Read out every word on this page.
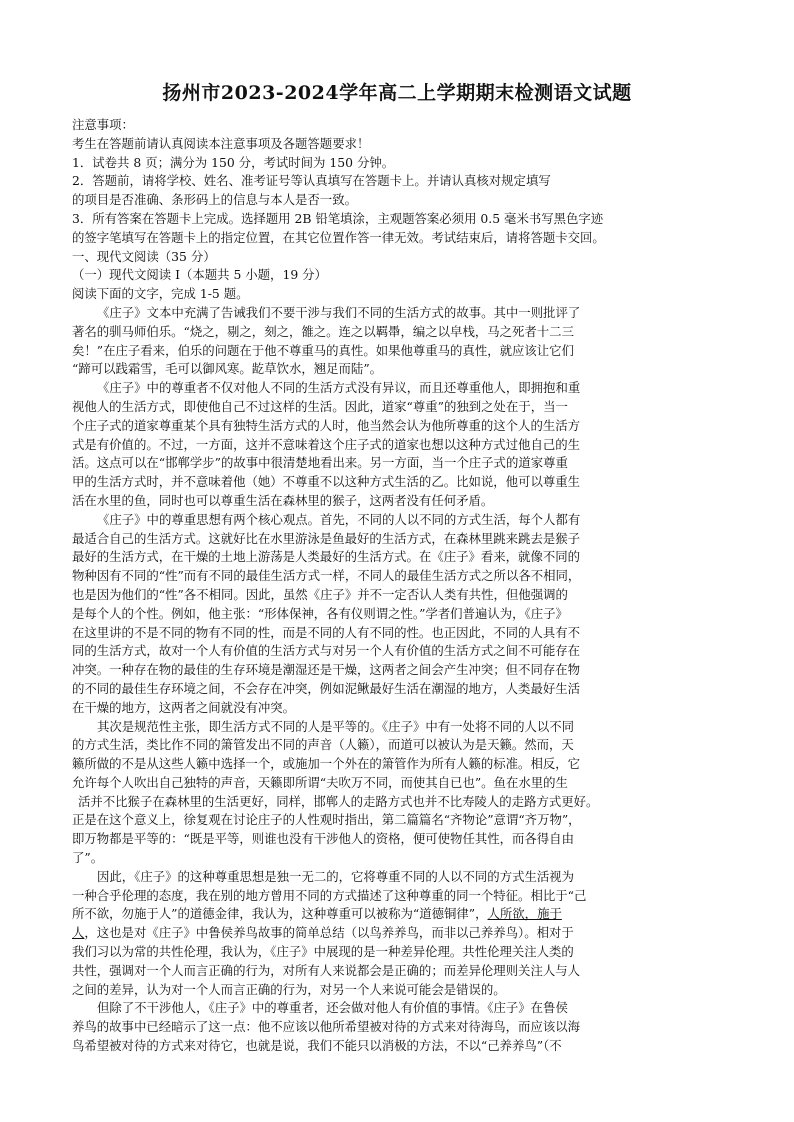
扬州市2023-2024学年高二上学期期末检测语文试题
注意事项：
考生在答题前请认真阅读本注意事项及各题答题要求！
1．试卷共 8 页；满分为 150 分，考试时间为 150 分钟。
2．答题前，请将学校、姓名、准考证号等认真填写在答题卡上。并请认真核对规定填写
的项目是否准确、条形码上的信息与本人是否一致。
3．所有答案在答题卡上完成。选择题用 2B 铅笔填涂，主观题答案必须用 0.5 毫米书写黑色字迹
的签字笔填写在答题卡上的指定位置，在其它位置作答一律无效。考试结束后，请将答题卡交回。
一、现代文阅读（35 分）
（一）现代文阅读 I（本题共 5 小题，19 分）
阅读下面的文字，完成 1-5 题。
《庄子》文本中充满了告诫我们不要干涉与我们不同的生活方式的故事。其中一则批评了
著名的驯马师伯乐。“烧之，剔之，刻之，雒之。连之以羁馽，编之以皁栈，马之死者十二三
矣！”在庄子看来，伯乐的问题在于他不尊重马的真性。如果他尊重马的真性，就应该让它们
“蹄可以践霜雪，毛可以御风寒。龁草饮水，翘足而陆”。
《庄子》中的尊重者不仅对他人不同的生活方式没有异议，而且还尊重他人，即拥抱和重
视他人的生活方式，即使他自己不过这样的生活。因此，道家“尊重”的独到之处在于，当一
个庄子式的道家尊重某个具有独特生活方式的人时，他当然会认为他所尊重的这个人的生活方
式是有价值的。不过，一方面，这并不意味着这个庄子式的道家也想以这种方式过他自己的生
活。这点可以在“邯郸学步”的故事中很清楚地看出来。另一方面，当一个庄子式的道家尊重
甲的生活方式时，并不意味着他（她）不尊重不以这种方式生活的乙。比如说，他可以尊重生
活在水里的鱼，同时也可以尊重生活在森林里的猴子，这两者没有任何矛盾。
《庄子》中的尊重思想有两个核心观点。首先，不同的人以不同的方式生活，每个人都有
最适合自己的生活方式。这就好比在水里游泳是鱼最好的生活方式，在森林里跳来跳去是猴子
最好的生活方式，在干燥的土地上游荡是人类最好的生活方式。在《庄子》看来，就像不同的
物种因有不同的“性”而有不同的最佳生活方式一样，不同人的最佳生活方式之所以各不相同，
也是因为他们的“性”各不相同。因此，虽然《庄子》并不一定否认人类有共性，但他强调的
是每个人的个性。例如，他主张：“形体保神，各有仪则谓之性。”学者们普遍认为，《庄子》
在这里讲的不是不同的物有不同的性，而是不同的人有不同的性。也正因此，不同的人具有不
同的生活方式，故对一个人有价值的生活方式与对另一个人有价值的生活方式之间不可能存在
冲突。一种存在物的最佳的生存环境是潮湿还是干燥，这两者之间会产生冲突；但不同存在物
的不同的最佳生存环境之间，不会存在冲突，例如泥鳅最好生活在潮湿的地方，人类最好生活
在干燥的地方，这两者之间就没有冲突。
其次是规范性主张，即生活方式不同的人是平等的。《庄子》中有一处将不同的人以不同
的方式生活，类比作不同的箫管发出不同的声音（人籁），而道可以被认为是天籁。然而，天
籁所做的不是从这些人籁中选择一个，或施加一个外在的箫管作为所有人籁的标准。相反，它
允许每个人吹出自己独特的声音，天籁即所谓“夫吹万不同，而使其自已也”。鱼在水里的生
活并不比猴子在森林里的生活更好，同样，邯郸人的走路方式也并不比寿陵人的走路方式更好。
正是在这个意义上，徐复观在讨论庄子的人性观时指出，第二篇篇名“齐物论”意谓“齐万物”，
即万物都是平等的：“既是平等，则谁也没有干涉他人的资格，便可使物任其性，而各得自由
了”。
因此，《庄子》的这种尊重思想是独一无二的，它将尊重不同的人以不同的方式生活视为
一种合乎伦理的态度，我在别的地方曾用不同的方式描述了这种尊重的同一个特征。相比于“己
所不欲，勿施于人”的道德金律，我认为，这种尊重可以被称为“道德铜律”，人所欲，施于
人，这也是对《庄子》中鲁侯养鸟故事的简单总结（以鸟养养鸟，而非以己养养鸟）。相对于
我们习以为常的共性伦理，我认为，《庄子》中展现的是一种差异伦理。共性伦理关注人类的
共性，强调对一个人而言正确的行为，对所有人来说都会是正确的；而差异伦理则关注人与人
之间的差异，认为对一个人而言正确的行为，对另一个人来说可能会是错误的。
但除了不干涉他人，《庄子》中的尊重者，还会做对他人有价值的事情。《庄子》在鲁侯
养鸟的故事中已经暗示了这一点：他不应该以他所希望被对待的方式来对待海鸟，而应该以海
鸟希望被对待的方式来对待它，也就是说，我们不能只以消极的方法，不以“己养养鸟”（不
